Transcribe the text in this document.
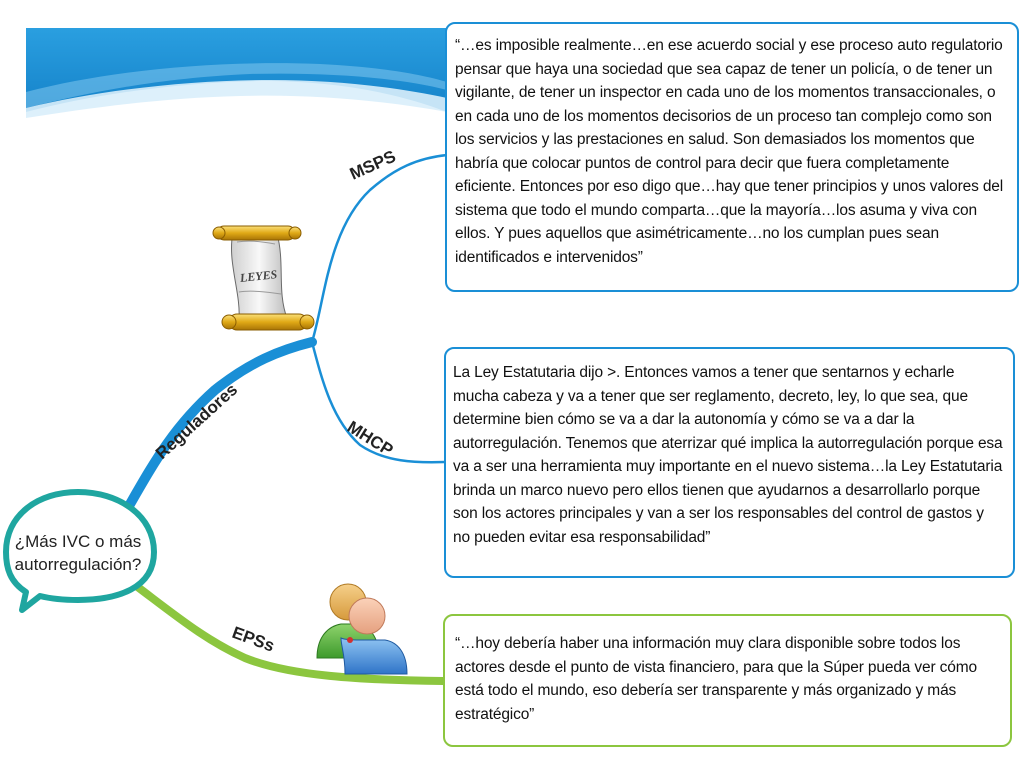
Reguladores
MSPS
MHCP
EPSs
LEYES
¿Más IVC o más
autorregulación?

“…es imposible realmente…en ese acuerdo social y ese proceso auto regulatorio pensar que haya una sociedad que sea capaz de tener un policía, o de tener un vigilante, de tener un inspector en cada uno de los momentos transaccionales, o en cada uno de los momentos decisorios de un proceso tan complejo como son los servicios y las prestaciones en salud. Son demasiados los momentos que habría que colocar puntos de control para decir que fuera completamente eficiente. Entonces por eso digo que…hay que tener principios y unos valores del sistema que todo el mundo comparta…que la mayoría…los asuma y viva con ellos. Y pues aquellos que asimétricamente…no los cumplan pues sean identificados e intervenidos”

La Ley Estatutaria dijo >. Entonces vamos a tener que sentarnos y echarle mucha cabeza y va a tener que ser reglamento, decreto, ley, lo que sea, que determine bien cómo se va a dar la autonomía y cómo se va a dar la autorregulación. Tenemos que aterrizar qué implica la autorregulación porque esa va a ser una herramienta muy importante en el nuevo sistema…la Ley Estatutaria brinda un marco nuevo pero ellos tienen que ayudarnos a desarrollarlo porque son los actores principales y van a ser los responsables del control de gastos y no pueden evitar esa responsabilidad”

“…hoy debería haber una información muy clara disponible sobre todos los actores desde el punto de vista financiero, para que la Súper pueda ver cómo está todo el mundo, eso debería ser transparente y más organizado y más estratégico”
